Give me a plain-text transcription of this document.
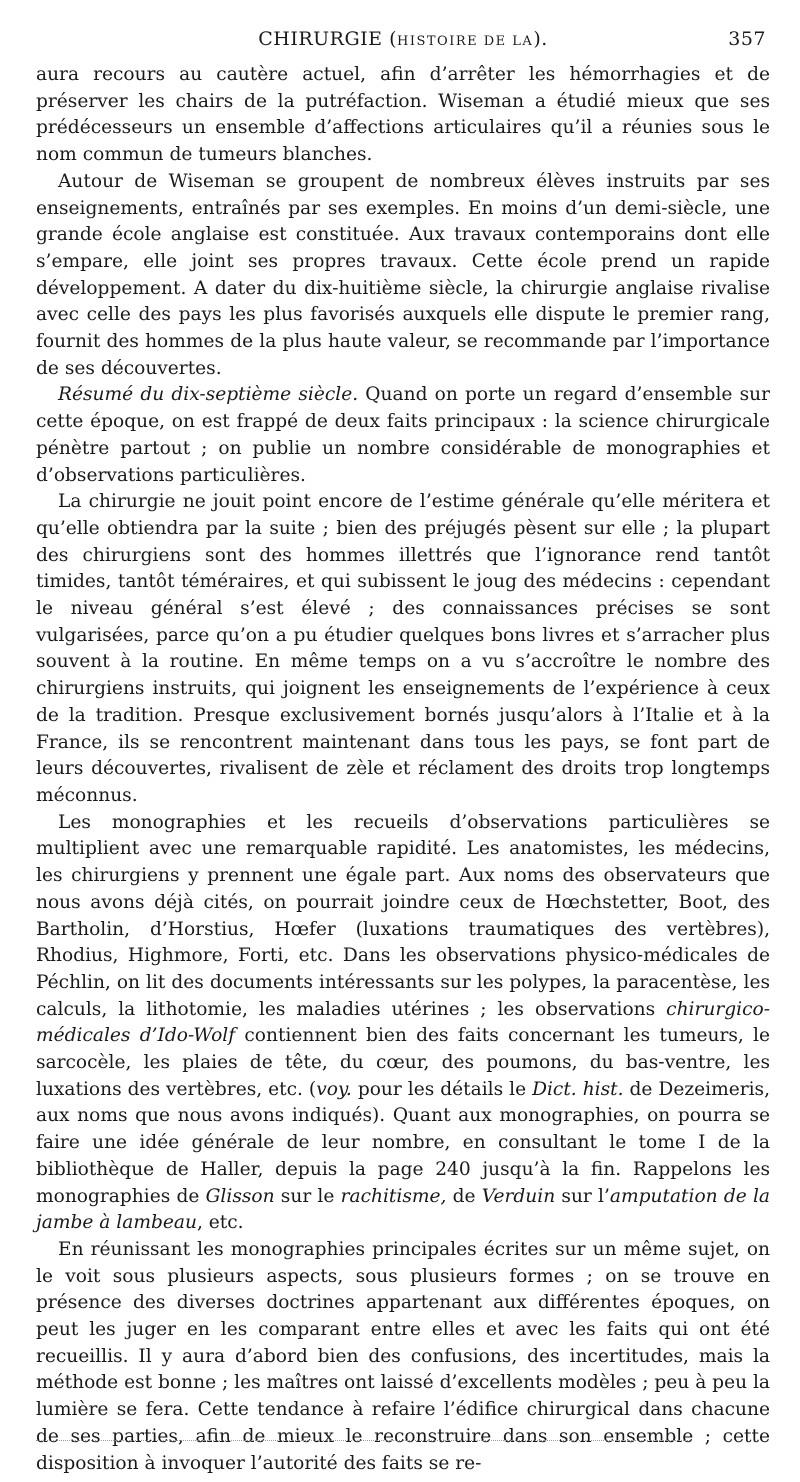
CHIRURGIE (HISTOIRE DE LA).	357

aura recours au cautère actuel, afin d’arrêter les hémorrhagies et de préserver les chairs de la putréfaction. Wiseman a étudié mieux que ses prédécesseurs un ensemble d’affections articulaires qu’il a réunies sous le nom commun de tumeurs blanches.

Autour de Wiseman se groupent de nombreux élèves instruits par ses enseignements, entraînés par ses exemples. En moins d’un demi-siècle, une grande école anglaise est constituée. Aux travaux contemporains dont elle s’empare, elle joint ses propres travaux. Cette école prend un rapide développement. A dater du dix-huitième siècle, la chirurgie anglaise rivalise avec celle des pays les plus favorisés auxquels elle dispute le premier rang, fournit des hommes de la plus haute valeur, se recommande par l’importance de ses découvertes.

Résumé du dix-septième siècle. Quand on porte un regard d’ensemble sur cette époque, on est frappé de deux faits principaux : la science chirurgicale pénètre partout ; on publie un nombre considérable de monographies et d’observations particulières.

La chirurgie ne jouit point encore de l’estime générale qu’elle méritera et qu’elle obtiendra par la suite ; bien des préjugés pèsent sur elle ; la plupart des chirurgiens sont des hommes illettrés que l’ignorance rend tantôt timides, tantôt téméraires, et qui subissent le joug des médecins : cependant le niveau général s’est élevé ; des connaissances précises se sont vulgarisées, parce qu’on a pu étudier quelques bons livres et s’arracher plus souvent à la routine. En même temps on a vu s’accroître le nombre des chirurgiens instruits, qui joignent les enseignements de l’expérience à ceux de la tradition. Presque exclusivement bornés jusqu’alors à l’Italie et à la France, ils se rencontrent maintenant dans tous les pays, se font part de leurs découvertes, rivalisent de zèle et réclament des droits trop longtemps méconnus.

Les monographies et les recueils d’observations particulières se multiplient avec une remarquable rapidité. Les anatomistes, les médecins, les chirurgiens y prennent une égale part. Aux noms des observateurs que nous avons déjà cités, on pourrait joindre ceux de Hœchstetter, Boot, des Bartholin, d’Horstius, Hœfer (luxations traumatiques des vertèbres), Rhodius, Highmore, Forti, etc. Dans les observations physico-médicales de Péchlin, on lit des documents intéressants sur les polypes, la paracentèse, les calculs, la lithotomie, les maladies utérines ; les observations chirurgico-médicales d’Ido-Wolf contiennent bien des faits concernant les tumeurs, le sarcocèle, les plaies de tête, du cœur, des poumons, du bas-ventre, les luxations des vertèbres, etc. (voy. pour les détails le Dict. hist. de Dezeimeris, aux noms que nous avons indiqués). Quant aux monographies, on pourra se faire une idée générale de leur nombre, en consultant le tome I de la bibliothèque de Haller, depuis la page 240 jusqu’à la fin. Rappelons les monographies de Glisson sur le rachitisme, de Verduin sur l’amputation de la jambe à lambeau, etc.

En réunissant les monographies principales écrites sur un même sujet, on le voit sous plusieurs aspects, sous plusieurs formes ; on se trouve en présence des diverses doctrines appartenant aux différentes époques, on peut les juger en les comparant entre elles et avec les faits qui ont été recueillis. Il y aura d’abord bien des confusions, des incertitudes, mais la méthode est bonne ; les maîtres ont laissé d’excellents modèles ; peu à peu la lumière se fera. Cette tendance à refaire l’édifice chirurgical dans chacune de ses parties, afin de mieux le reconstruire dans son ensemble ; cette disposition à invoquer l’autorité des faits se re-
